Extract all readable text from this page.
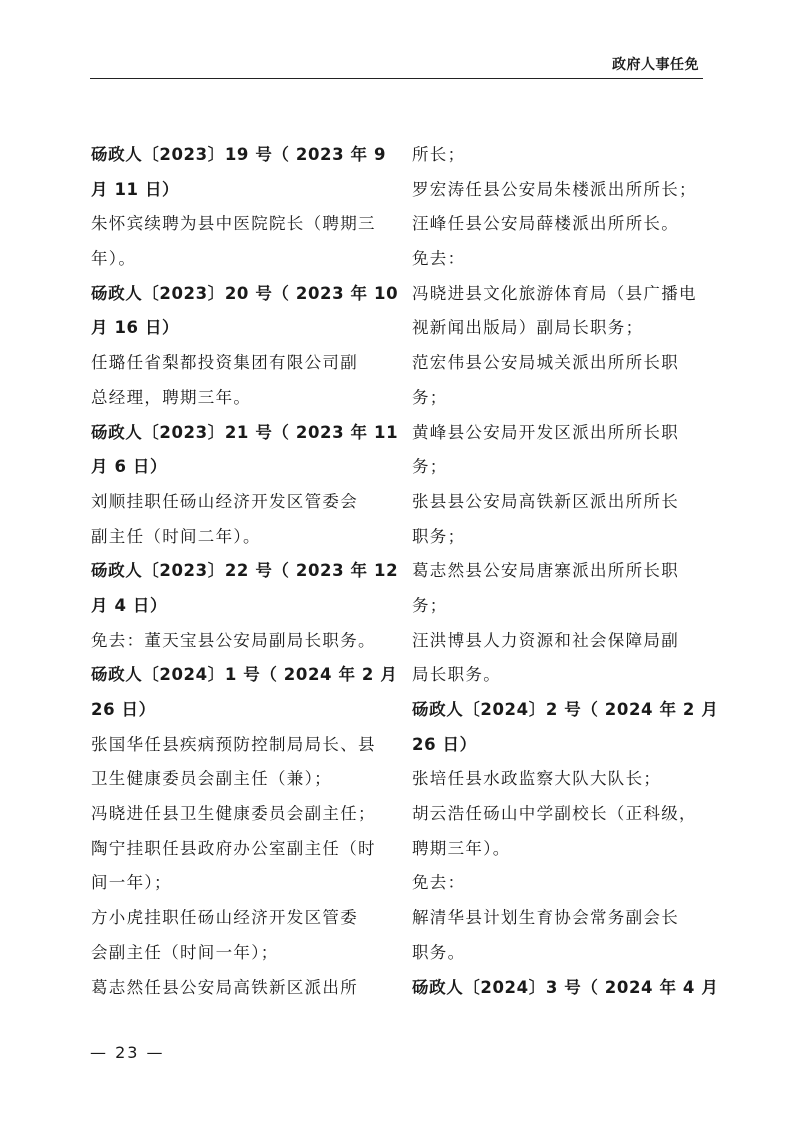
政府人事任免
砀政人〔2023〕19 号（ 2023 年 9
月 11 日）
朱怀宾续聘为县中医院院长（聘期三
年）。
砀政人〔2023〕20 号（ 2023 年 10
月 16 日）
任璐任省梨都投资集团有限公司副
总经理，聘期三年。
砀政人〔2023〕21 号（ 2023 年 11
月 6 日）
刘顺挂职任砀山经济开发区管委会
副主任（时间二年）。
砀政人〔2023〕22 号（ 2023 年 12
月 4 日）
免去：董天宝县公安局副局长职务。
砀政人〔2024〕1 号（ 2024 年 2 月
26 日）
张国华任县疾病预防控制局局长、县
卫生健康委员会副主任（兼）；
冯晓进任县卫生健康委员会副主任；
陶宁挂职任县政府办公室副主任（时
间一年）；
方小虎挂职任砀山经济开发区管委
会副主任（时间一年）；
葛志然任县公安局高铁新区派出所
所长；
罗宏涛任县公安局朱楼派出所所长；
汪峰任县公安局薛楼派出所所长。
免去：
冯晓进县文化旅游体育局（县广播电
视新闻出版局）副局长职务；
范宏伟县公安局城关派出所所长职
务；
黄峰县公安局开发区派出所所长职
务；
张县县公安局高铁新区派出所所长
职务；
葛志然县公安局唐寨派出所所长职
务；
汪洪博县人力资源和社会保障局副
局长职务。
砀政人〔2024〕2 号（ 2024 年 2 月
26 日）
张培任县水政监察大队大队长；
胡云浩任砀山中学副校长（正科级，
聘期三年）。
免去：
解清华县计划生育协会常务副会长
职务。
砀政人〔2024〕3 号（ 2024 年 4 月
— 23 —
